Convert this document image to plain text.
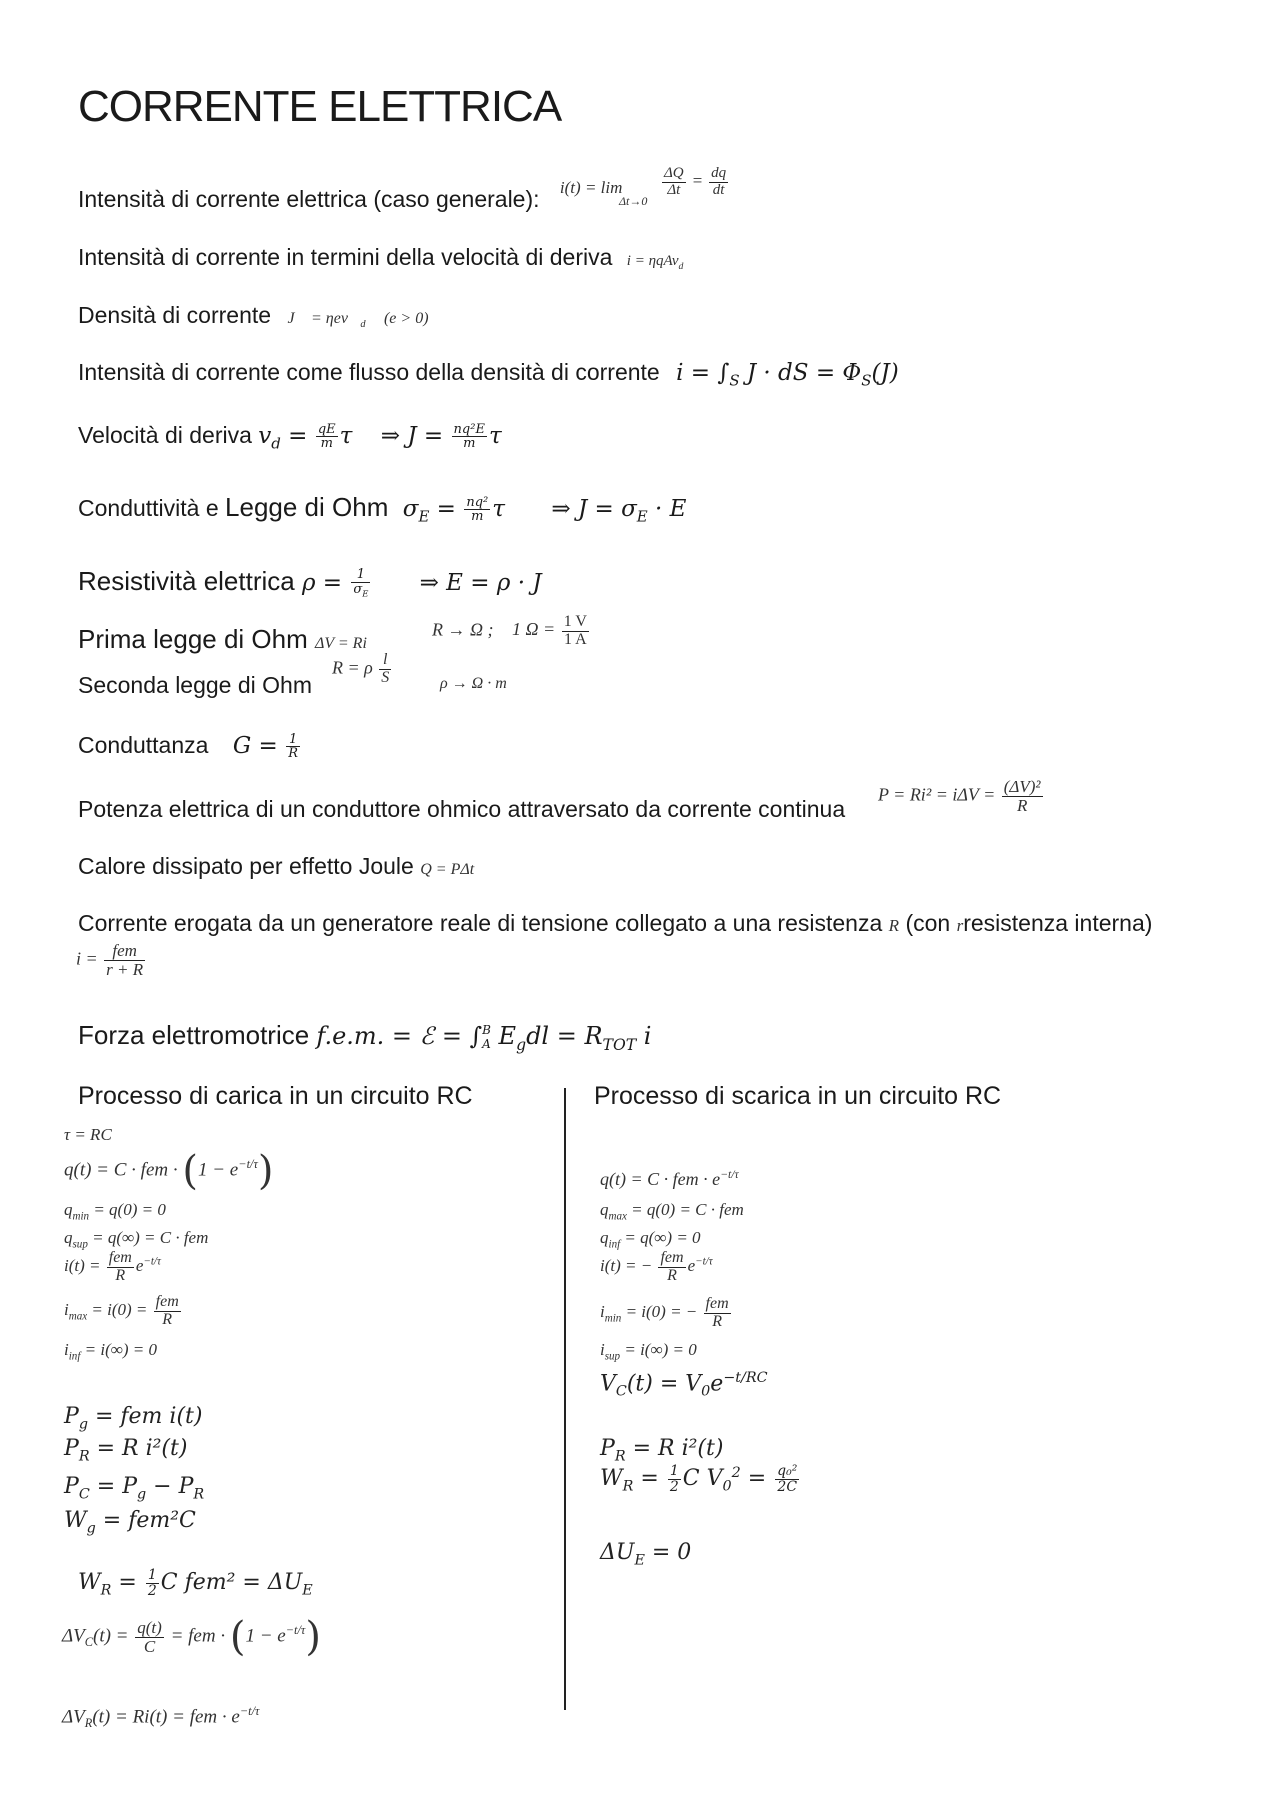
CORRENTE ELETTRICA
Intensità di corrente elettrica (caso generale): $^{i(t) = lim}$
Δt→0
$\frac{\Delta Q}{\Delta t} = \frac{dq}{dt}$
Intensità di corrente in termini della velocità di deriva i = ηqAv$_d$
Densità di corrente J⃗ = $\eta ev⃗_d$ (e > 0)
Intensità di corrente come flusso della densità di corrente $i = \int_S$ J · dS = $\Phi_S(J)$
Velocità di deriva $v_d = \frac{qE}{m}$ τ ⇒ $J = \frac{\text{nq²E}}{m}$ τ
Conduttività e Legge di Ohm $\sigma_E = \frac{\text{nq²}}{m}$ τ ⇒ $J = \sigma_E \cdot E$
Resistività elettrica $\rho = \frac{1}{\sigma_E}$ ⇒ E = ρ · J
Prima legge di Ohm ΔV = Ri
R → Ω ; 1 $\Omega = \frac{1 V}{1 A}$
Seconda legge di Ohm
R = ρ $\frac{l}{S}$	ρ → Ω · m
Conduttanza $G = \frac{1}{R}$
Potenza elettrica di un conduttore ohmico attraversato da corrente continua
$P = Ri^2 = i\Delta V = \frac{\text{(ΔV)²}}{R}$
Calore dissipato per effetto Joule Q = PΔt
Corrente erogata da un generatore reale di tensione collegato a una resistenza R (con rresistenza interna)
$i = \frac{\text{fem}}{r + R}$
Forza elettromotrice f.e.m. = ℰ = ∫ B
A $E_gdl = R_{TOT}$ i
Processo di carica in un circuito RC	Processo di scarica in un circuito RC
τ = RC
q(t) = C · fem · $(1 - e^{-t/\tau})$
$q_{min} = q(0) = 0$
$q_{sup} = q(\infty) = C$ · fem
$i(t) = \frac{\text{fem}}{R} e^{-t/\tau}$
$i_{max} = i(0) = \frac{\text{fem}}{R}$
$i_{inf} = i(\infty) = 0$
$P_g$ = fem i(t)
$P_R = R$ i²(t)
$P_C = P_g - P_R$
$W_g = fem^2C$
$W_R = \frac{1}{2}$ C $fem^2 = \Delta U_E$
$\Delta V_C(t) = \frac{q(t)}{C}$ = fem · $(1 - e^{-t/\tau})$
$\Delta V_R(t) = Ri(t)$ = fem · $e^{-t/\tau}$
q(t) = C · fem · $e^{-t/\tau}$
$q_{max} = q(0) = C$ · fem
$q_{inf} = q(\infty) = 0$
i(t) = − $\frac{\text{fem}}{R} e^{-t/\tau}$
$i_{min} = i(0)$ = − $\frac{\text{fem}}{R}$
$i_{sup} = i(\infty) = 0$
$V_C(t) = V_0e^{-t/RC}$
$P_R = R$ i²(t)
$W_R = \frac{1}{2}$ C $V_0^2 = \frac{\text{q₀²}}{2C}$
$\Delta U_E = 0$
